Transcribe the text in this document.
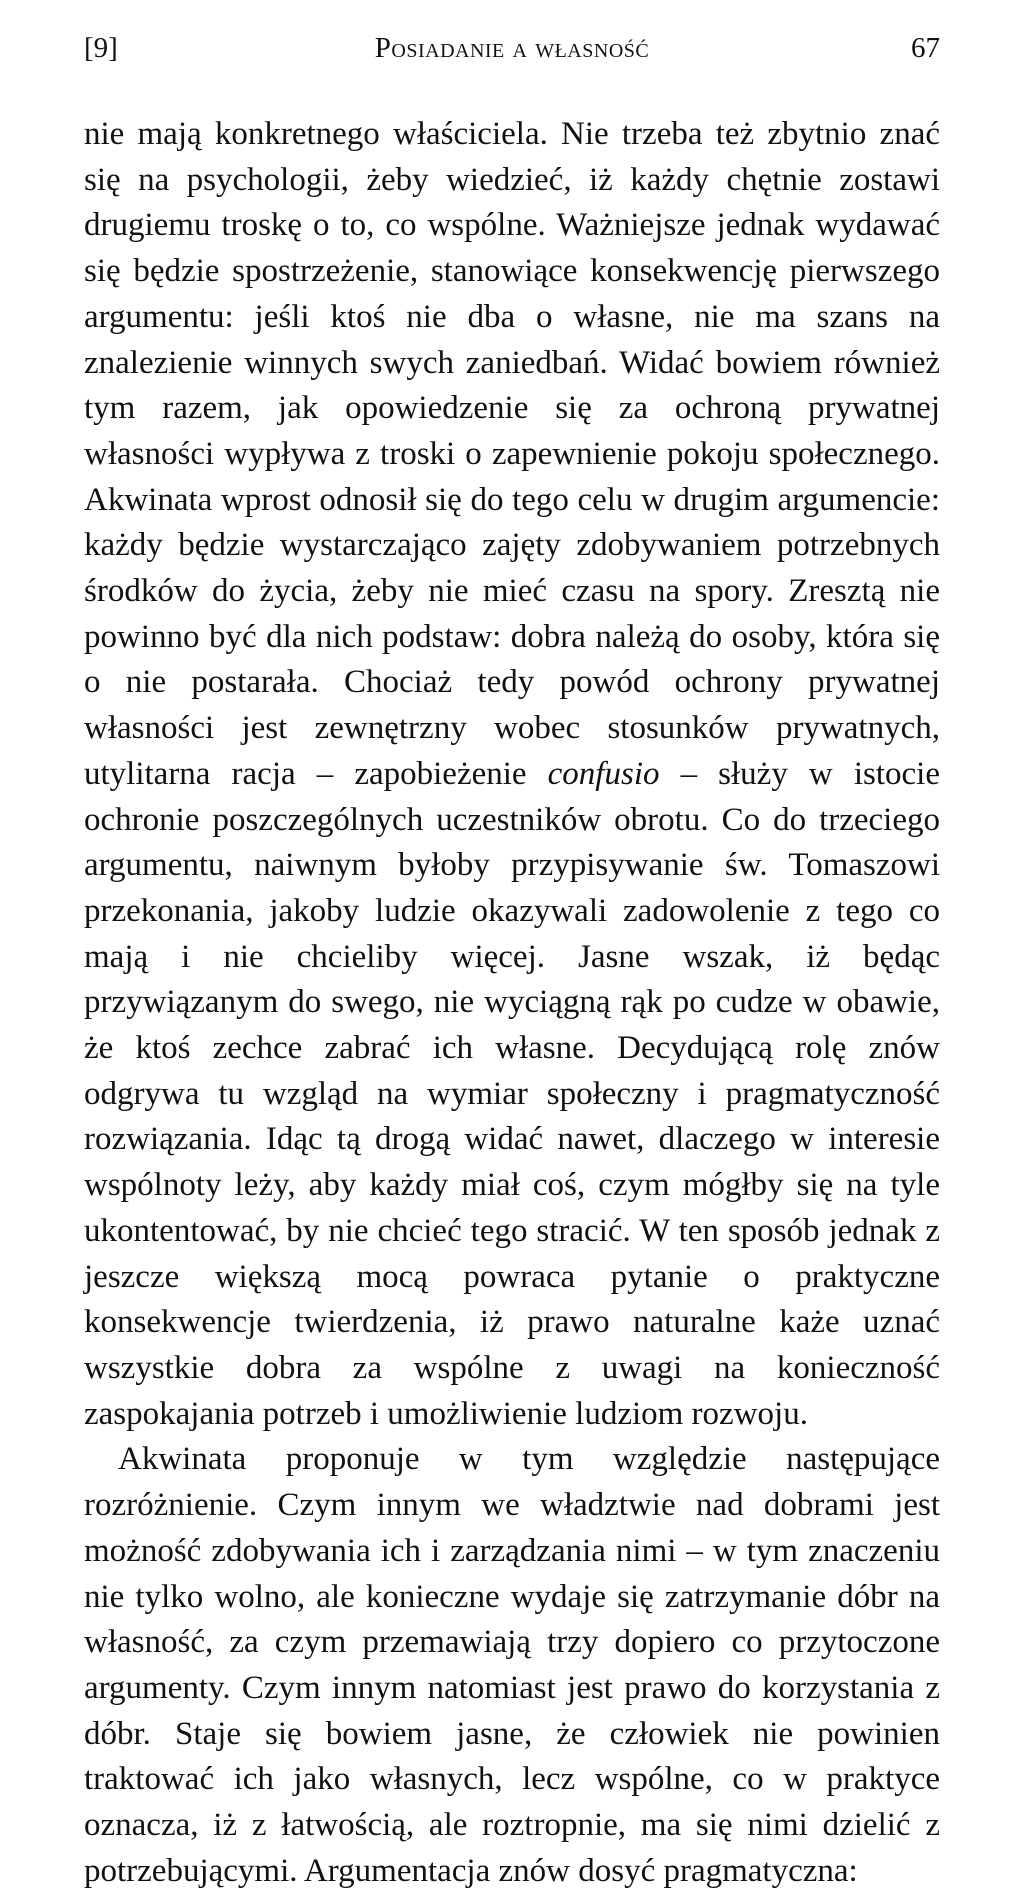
[9]	Posiadanie a własność	67

nie mają konkretnego właściciela. Nie trzeba też zbytnio znać się na psychologii, żeby wiedzieć, iż każdy chętnie zostawi drugiemu troskę o to, co wspólne. Ważniejsze jednak wydawać się będzie spostrzeżenie, stanowiące konsekwencję pierwszego argumentu: jeśli ktoś nie dba o własne, nie ma szans na znalezienie winnych swych zaniedbań. Widać bowiem również tym razem, jak opowiedzenie się za ochroną prywatnej własności wypływa z troski o zapewnienie pokoju społecznego. Akwinata wprost odnosił się do tego celu w drugim argumencie: każdy będzie wystarczająco zajęty zdobywaniem potrzebnych środków do życia, żeby nie mieć czasu na spory. Zresztą nie powinno być dla nich podstaw: dobra należą do osoby, która się o nie postarała. Chociaż tedy powód ochrony prywatnej własności jest zewnętrzny wobec stosunków prywatnych, utylitarna racja – zapobieżenie confusio – służy w istocie ochronie poszczególnych uczestników obrotu. Co do trzeciego argumentu, naiwnym byłoby przypisywanie św. Tomaszowi przekonania, jakoby ludzie okazywali zadowolenie z tego co mają i nie chcieliby więcej. Jasne wszak, iż będąc przywiązanym do swego, nie wyciągną rąk po cudze w obawie, że ktoś zechce zabrać ich własne. Decydującą rolę znów odgrywa tu wzgląd na wymiar społeczny i pragmatyczność rozwiązania. Idąc tą drogą widać nawet, dlaczego w interesie wspólnoty leży, aby każdy miał coś, czym mógłby się na tyle ukontentować, by nie chcieć tego stracić. W ten sposób jednak z jeszcze większą mocą powraca pytanie o praktyczne konsekwencje twierdzenia, iż prawo naturalne każe uznać wszystkie dobra za wspólne z uwagi na konieczność zaspokajania potrzeb i umożliwienie ludziom rozwoju.

Akwinata proponuje w tym względzie następujące rozróżnienie. Czym innym we władztwie nad dobrami jest możność zdobywania ich i zarządzania nimi – w tym znaczeniu nie tylko wolno, ale konieczne wydaje się zatrzymanie dóbr na własność, za czym przemawiają trzy dopiero co przytoczone argumenty. Czym innym natomiast jest prawo do korzystania z dóbr. Staje się bowiem jasne, że człowiek nie powinien traktować ich jako własnych, lecz wspólne, co w praktyce oznacza, iż z łatwością, ale roztropnie, ma się nimi dzielić z potrzebującymi. Argumentacja znów dosyć pragmatyczna:
